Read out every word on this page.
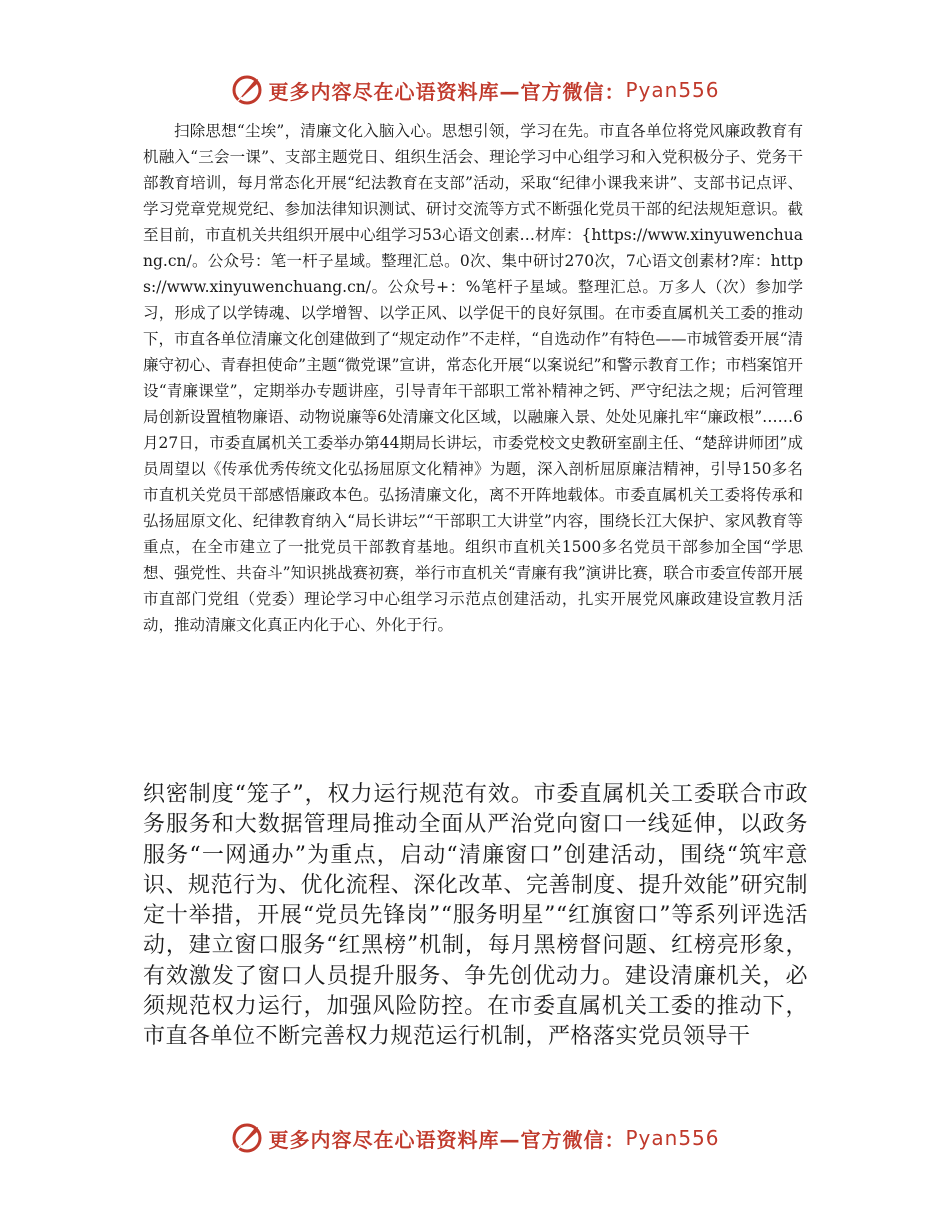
更多内容尽在心语资料库—官方微信： Pyan556

扫除思想“尘埃”，清廉文化入脑入心。思想引领，学习在先。市直各单位将党风廉政教育有机融入“三会一课”、支部主题党日、组织生活会、理论学习中心组学习和入党积极分子、党务干部教育培训，每月常态化开展“纪法教育在支部”活动，采取“纪律小课我来讲”、支部书记点评、学习党章党规党纪、参加法律知识测试、研讨交流等方式不断强化党员干部的纪法规矩意识。截至目前，市直机关共组织开展中心组学习53心语文创素…材库：{https://www.xinyuwenchuang.cn/。公众号：笔一杆子星域。整理汇总。0次、集中研讨270次，7心语文创素材?库：https://www.xinyuwenchuang.cn/。公众号+：%笔杆子星域。整理汇总。万多人（次）参加学习，形成了以学铸魂、以学增智、以学正风、以学促干的良好氛围。在市委直属机关工委的推动下，市直各单位清廉文化创建做到了“规定动作”不走样，“自选动作”有特色——市城管委开展“清廉守初心、青春担使命”主题“微党课”宣讲，常态化开展“以案说纪”和警示教育工作；市档案馆开设“青廉课堂”，定期举办专题讲座，引导青年干部职工常补精神之钙、严守纪法之规；后河管理局创新设置植物廉语、动物说廉等6处清廉文化区域，以融廉入景、处处见廉扎牢“廉政根”……6月27日，市委直属机关工委举办第44期局长讲坛，市委党校文史教研室副主任、“楚辞讲师团”成员周望以《传承优秀传统文化弘扬屈原文化精神》为题，深入剖析屈原廉洁精神，引导150多名市直机关党员干部感悟廉政本色。弘扬清廉文化，离不开阵地载体。市委直属机关工委将传承和弘扬屈原文化、纪律教育纳入“局长讲坛”“干部职工大讲堂”内容，围绕长江大保护、家风教育等重点，在全市建立了一批党员干部教育基地。组织市直机关1500多名党员干部参加全国“学思想、强党性、共奋斗”知识挑战赛初赛，举行市直机关“青廉有我”演讲比赛，联合市委宣传部开展市直部门党组（党委）理论学习中心组学习示范点创建活动，扎实开展党风廉政建设宣教月活动，推动清廉文化真正内化于心、外化于行。

织密制度“笼子”，权力运行规范有效。市委直属机关工委联合市政务服务和大数据管理局推动全面从严治党向窗口一线延伸，以政务服务“一网通办”为重点，启动“清廉窗口”创建活动，围绕“筑牢意识、规范行为、优化流程、深化改革、完善制度、提升效能”研究制定十举措，开展“党员先锋岗”“服务明星”“红旗窗口”等系列评选活动，建立窗口服务“红黑榜”机制，每月黑榜督问题、红榜亮形象，有效激发了窗口人员提升服务、争先创优动力。建设清廉机关，必须规范权力运行，加强风险防控。在市委直属机关工委的推动下，市直各单位不断完善权力规范运行机制，严格落实党员领导干

更多内容尽在心语资料库—官方微信： Pyan556
